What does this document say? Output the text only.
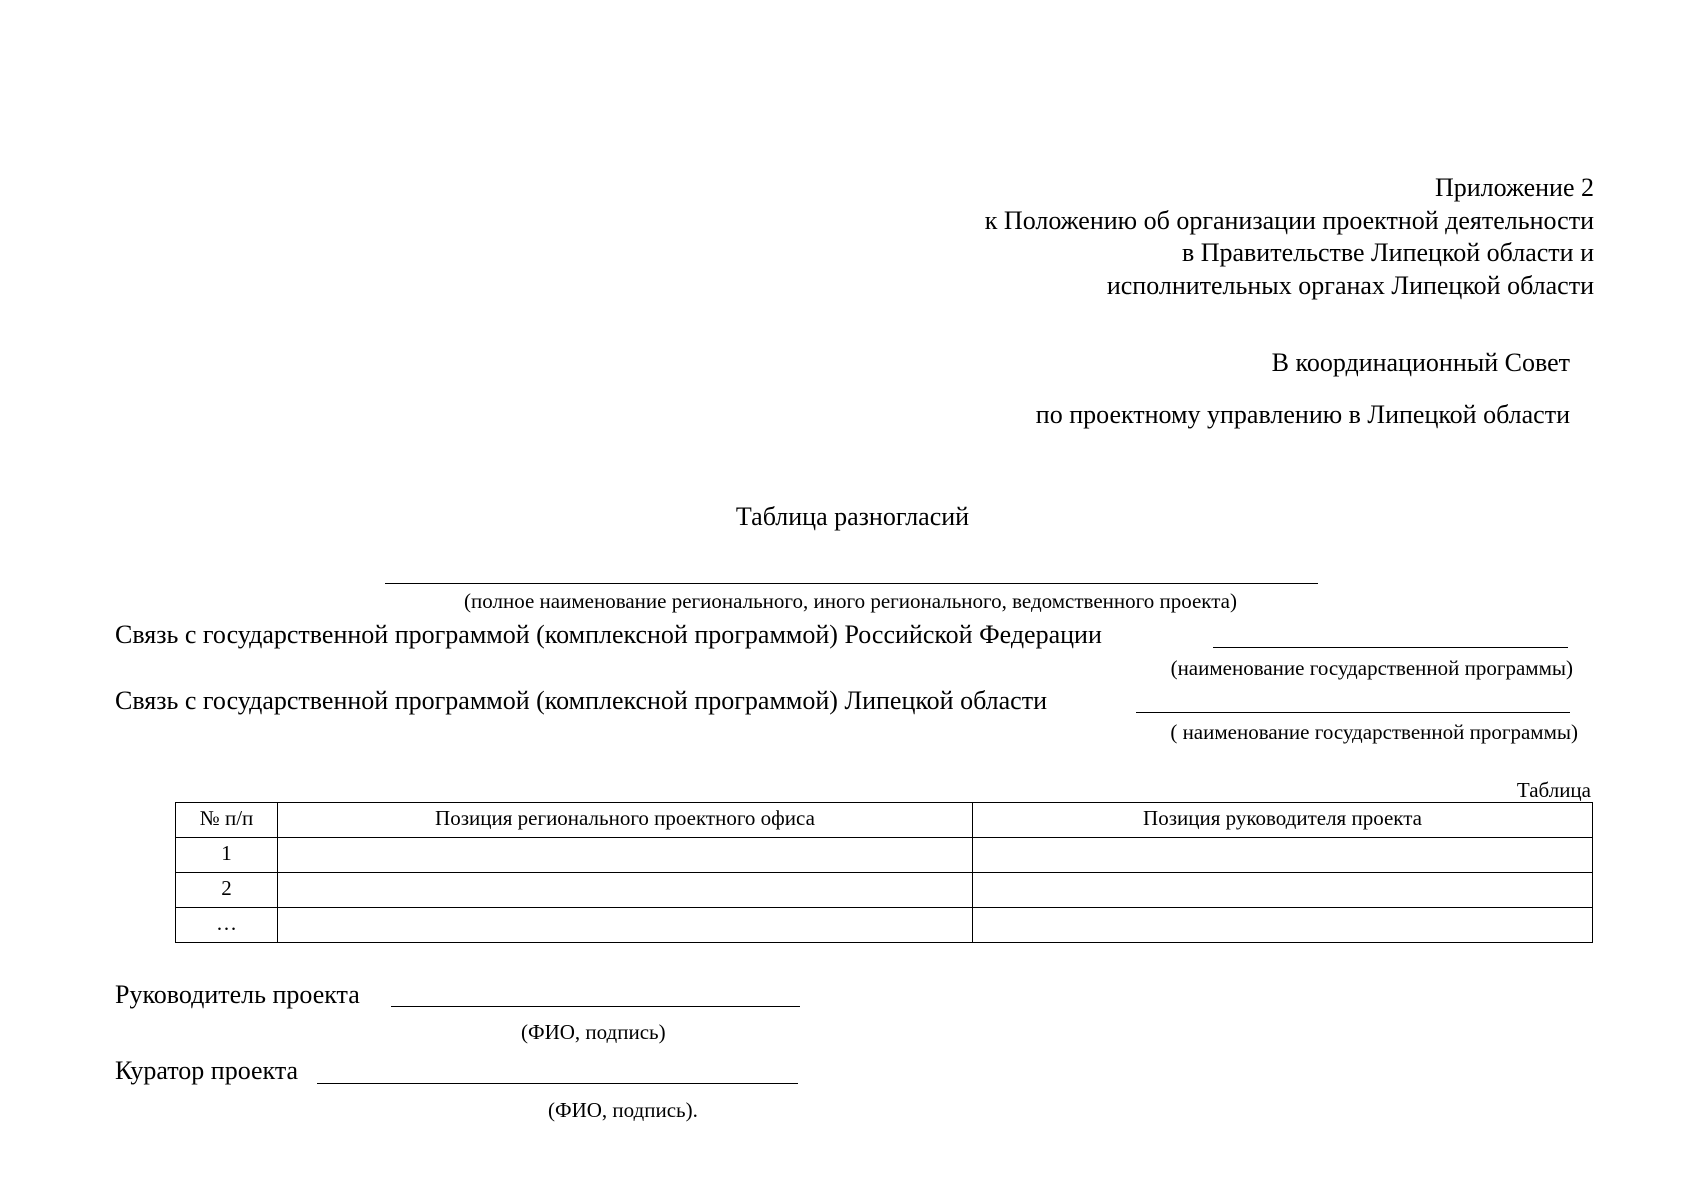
Приложение 2
к Положению об организации проектной деятельности
в Правительстве Липецкой области и
исполнительных органах Липецкой области
В координационный Совет
по проектному управлению в Липецкой области
Таблица разногласий
(полное наименование регионального, иного регионального, ведомственного проекта)
Связь с государственной программой (комплексной программой) Российской Федерации
(наименование государственной программы)
Связь с государственной программой (комплексной программой) Липецкой области
( наименование государственной программы)
Таблица
№ п/п	Позиция регионального проектного офиса	Позиция руководителя проекта
1		
2		
…		
Руководитель проекта
(ФИО, подпись)
Куратор проекта
(ФИО, подпись).
